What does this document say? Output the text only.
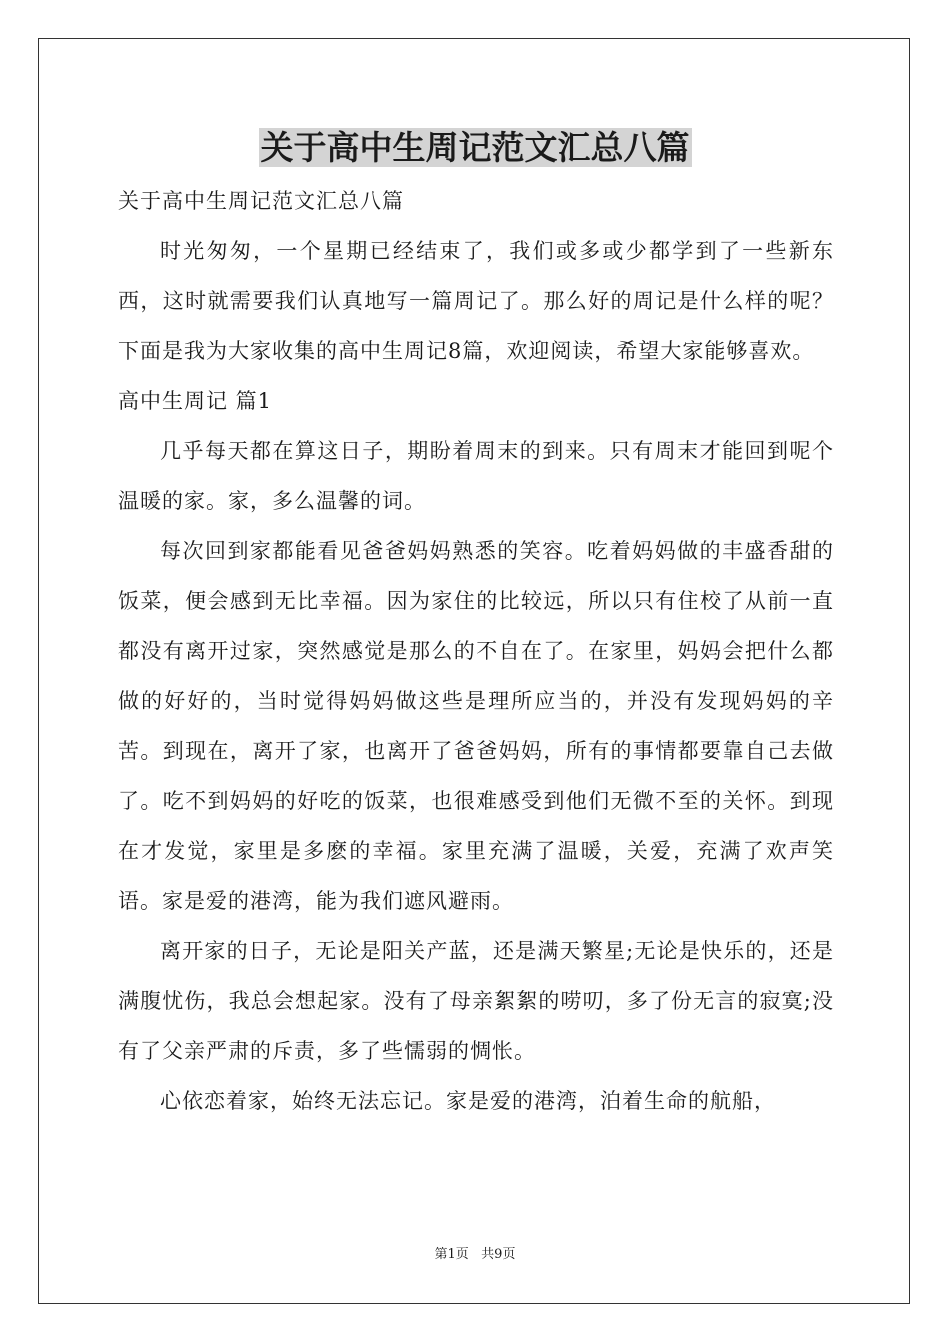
关于高中生周记范文汇总八篇

关于高中生周记范文汇总八篇

时光匆匆，一个星期已经结束了，我们或多或少都学到了一些新东西，这时就需要我们认真地写一篇周记了。那么好的周记是什么样的呢？下面是我为大家收集的高中生周记8篇，欢迎阅读，希望大家能够喜欢。

高中生周记 篇1

几乎每天都在算这日子，期盼着周末的到来。只有周末才能回到呢个温暖的家。家，多么温馨的词。

每次回到家都能看见爸爸妈妈熟悉的笑容。吃着妈妈做的丰盛香甜的饭菜，便会感到无比幸福。因为家住的比较远，所以只有住校了从前一直都没有离开过家，突然感觉是那么的不自在了。在家里，妈妈会把什么都做的好好的，当时觉得妈妈做这些是理所应当的，并没有发现妈妈的辛苦。到现在，离开了家，也离开了爸爸妈妈，所有的事情都要靠自己去做了。吃不到妈妈的好吃的饭菜，也很难感受到他们无微不至的关怀。到现在才发觉，家里是多麽的幸福。家里充满了温暖，关爱，充满了欢声笑语。家是爱的港湾，能为我们遮风避雨。

离开家的日子，无论是阳关产蓝，还是满天繁星;无论是快乐的，还是满腹忧伤，我总会想起家。没有了母亲絮絮的唠叨，多了份无言的寂寞;没有了父亲严肃的斥责，多了些懦弱的惆怅。

心依恋着家，始终无法忘记。家是爱的港湾，泊着生命的航船，

第1页   共9页
